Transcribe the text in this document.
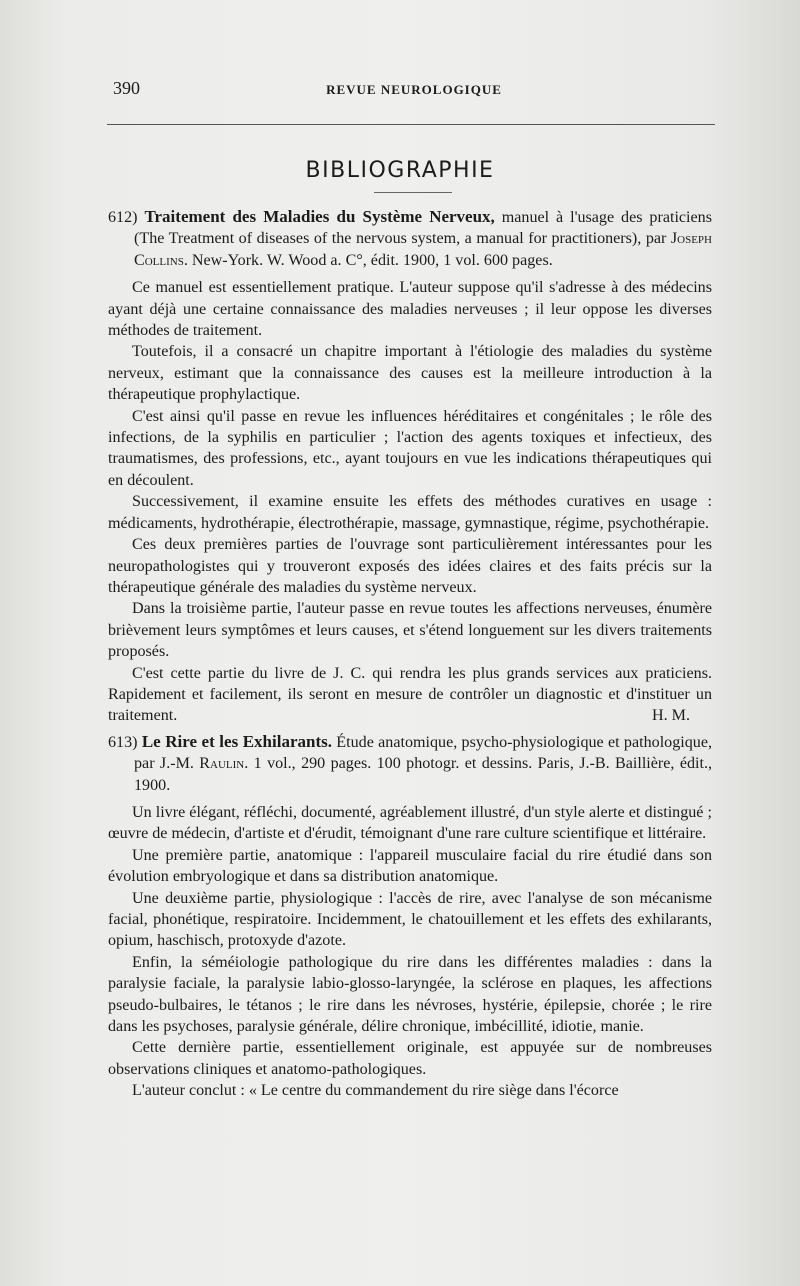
390	REVUE NEUROLOGIQUE
BIBLIOGRAPHIE

612) Traitement des Maladies du Système Nerveux, manuel à l'usage des praticiens (The Treatment of diseases of the nervous system, a manual for practitioners), par Joseph Collins. New-York. W. Wood a. C°, édit. 1900, 1 vol. 600 pages.

Ce manuel est essentiellement pratique. L'auteur suppose qu'il s'adresse à des médecins ayant déjà une certaine connaissance des maladies nerveuses ; il leur oppose les diverses méthodes de traitement.

Toutefois, il a consacré un chapitre important à l'étiologie des maladies du système nerveux, estimant que la connaissance des causes est la meilleure introduction à la thérapeutique prophylactique.

C'est ainsi qu'il passe en revue les influences héréditaires et congénitales ; le rôle des infections, de la syphilis en particulier ; l'action des agents toxiques et infectieux, des traumatismes, des professions, etc., ayant toujours en vue les indications thérapeutiques qui en découlent.

Successivement, il examine ensuite les effets des méthodes curatives en usage : médicaments, hydrothérapie, électrothérapie, massage, gymnastique, régime, psychothérapie.

Ces deux premières parties de l'ouvrage sont particulièrement intéressantes pour les neuropathologistes qui y trouveront exposés des idées claires et des faits précis sur la thérapeutique générale des maladies du système nerveux.

Dans la troisième partie, l'auteur passe en revue toutes les affections nerveuses, énumère brièvement leurs symptômes et leurs causes, et s'étend longuement sur les divers traitements proposés.

C'est cette partie du livre de J. C. qui rendra les plus grands services aux praticiens. Rapidement et facilement, ils seront en mesure de contrôler un diagnostic et d'instituer un traitement.	H. M.

613) Le Rire et les Exhilarants. Étude anatomique, psycho-physiologique et pathologique, par J.-M. Raulin. 1 vol., 290 pages. 100 photogr. et dessins. Paris, J.-B. Baillière, édit., 1900.

Un livre élégant, réfléchi, documenté, agréablement illustré, d'un style alerte et distingué ; œuvre de médecin, d'artiste et d'érudit, témoignant d'une rare culture scientifique et littéraire.

Une première partie, anatomique : l'appareil musculaire facial du rire étudié dans son évolution embryologique et dans sa distribution anatomique.

Une deuxième partie, physiologique : l'accès de rire, avec l'analyse de son mécanisme facial, phonétique, respiratoire. Incidemment, le chatouillement et les effets des exhilarants, opium, haschisch, protoxyde d'azote.

Enfin, la séméiologie pathologique du rire dans les différentes maladies : dans la paralysie faciale, la paralysie labio-glosso-laryngée, la sclérose en plaques, les affections pseudo-bulbaires, le tétanos ; le rire dans les névroses, hystérie, épilepsie, chorée ; le rire dans les psychoses, paralysie générale, délire chronique, imbécillité, idiotie, manie.

Cette dernière partie, essentiellement originale, est appuyée sur de nombreuses observations cliniques et anatomo-pathologiques.

L'auteur conclut : « Le centre du commandement du rire siège dans l'écorce
